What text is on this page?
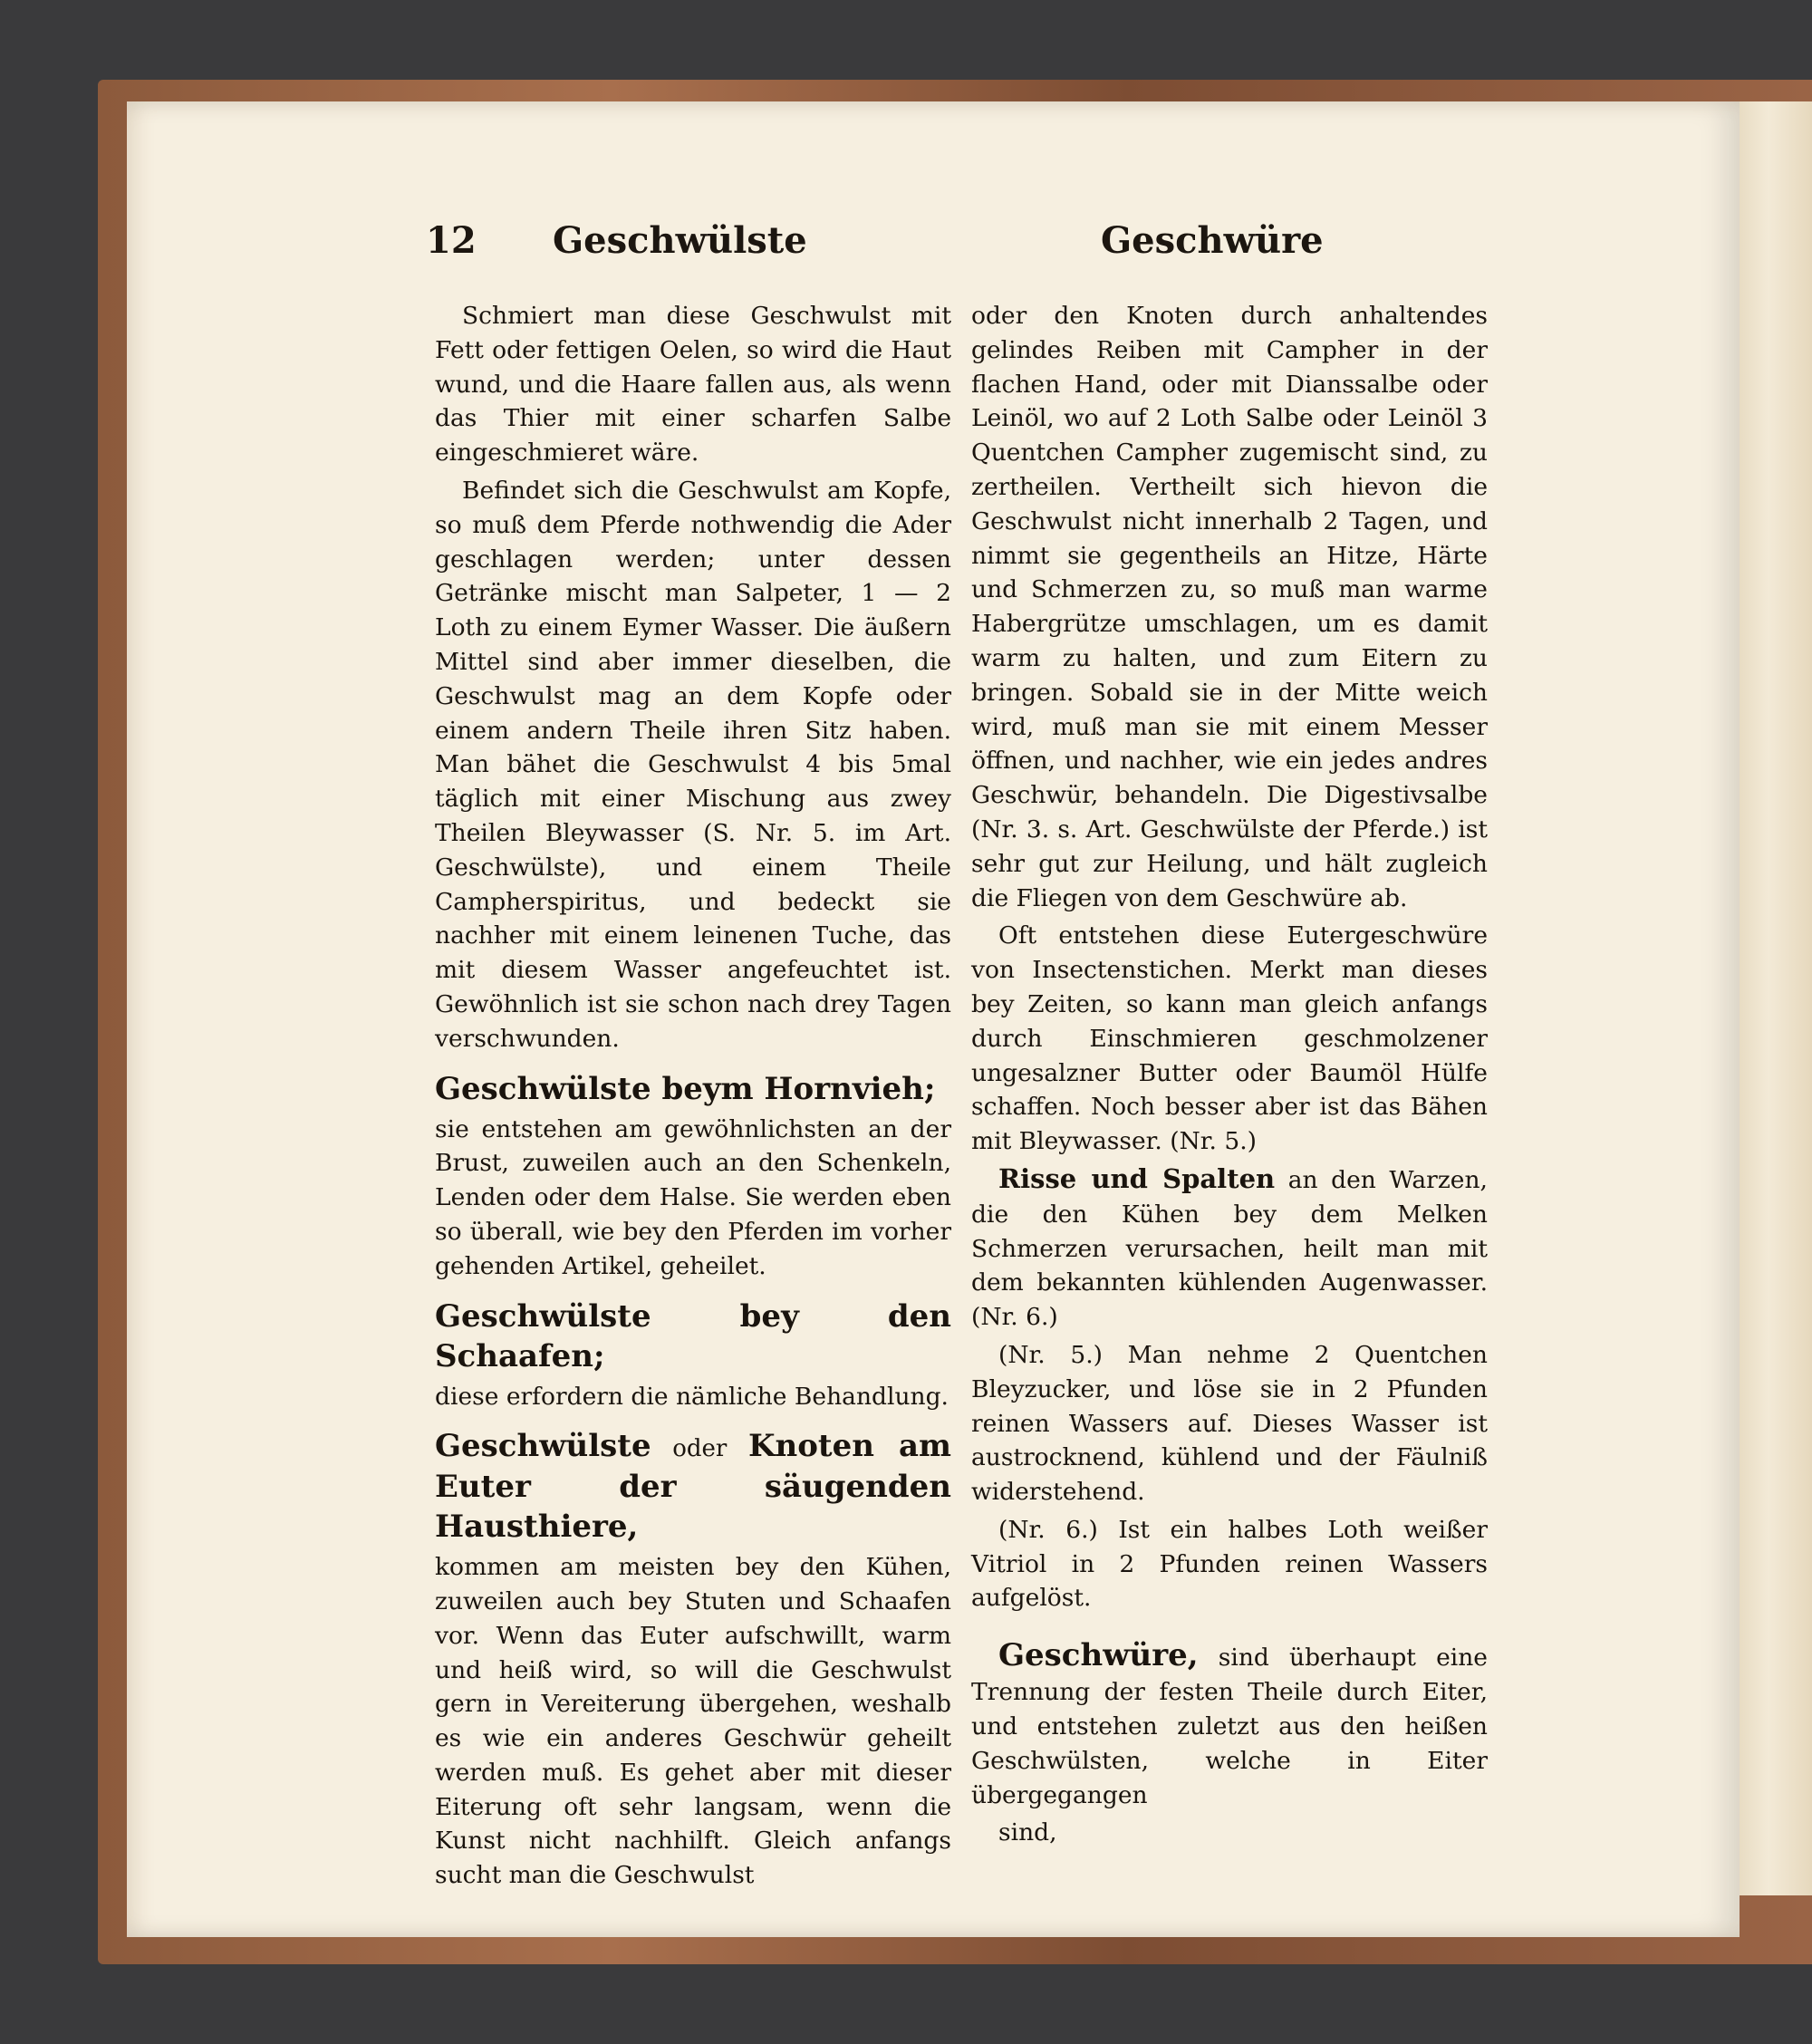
12 Geschwülste	Geschwüre

Schmiert man diese Geschwulst mit Fett oder fettigen Oelen, so wird die Haut wund, und die Haare fallen aus, als wenn das Thier mit einer scharfen Salbe eingeschmieret wäre.

Befindet sich die Geschwulst am Kopfe, so muß dem Pferde nothwendig die Ader geschlagen werden; unter dessen Getränke mischt man Salpeter, 1 — 2 Loth zu einem Eymer Wasser. Die äußern Mittel sind aber immer dieselben, die Geschwulst mag an dem Kopfe oder einem andern Theile ihren Sitz haben. Man bähet die Geschwulst 4 bis 5mal täglich mit einer Mischung aus zwey Theilen Bleywasser (S. Nr. 5. im Art. Geschwülste), und einem Theile Campherspiritus, und bedeckt sie nachher mit einem leinenen Tuche, das mit diesem Wasser angefeuchtet ist. Gewöhnlich ist sie schon nach drey Tagen verschwunden.

Geschwülste beym Hornvieh;

sie entstehen am gewöhnlichsten an der Brust, zuweilen auch an den Schenkeln, Lenden oder dem Halse. Sie werden eben so überall, wie bey den Pferden im vorher gehenden Artikel, geheilet.

Geschwülste bey den Schaafen;

diese erfordern die nämliche Behandlung.

Geschwülste oder Knoten am Euter der säugenden Hausthiere,

kommen am meisten bey den Kühen, zuweilen auch bey Stuten und Schaafen vor. Wenn das Euter aufschwillt, warm und heiß wird, so will die Geschwulst gern in Vereiterung übergehen, weshalb es wie ein anderes Geschwür geheilt werden muß. Es gehet aber mit dieser Eiterung oft sehr langsam, wenn die Kunst nicht nachhilft. Gleich anfangs sucht man die Geschwulst

oder den Knoten durch anhaltendes gelindes Reiben mit Campher in der flachen Hand, oder mit Dianssalbe oder Leinöl, wo auf 2 Loth Salbe oder Leinöl 3 Quentchen Campher zugemischt sind, zu zertheilen. Vertheilt sich hievon die Geschwulst nicht innerhalb 2 Tagen, und nimmt sie gegentheils an Hitze, Härte und Schmerzen zu, so muß man warme Habergrütze umschlagen, um es damit warm zu halten, und zum Eitern zu bringen. Sobald sie in der Mitte weich wird, muß man sie mit einem Messer öffnen, und nachher, wie ein jedes andres Geschwür, behandeln. Die Digestivsalbe (Nr. 3. s. Art. Geschwülste der Pferde.) ist sehr gut zur Heilung, und hält zugleich die Fliegen von dem Geschwüre ab.

Oft entstehen diese Eutergeschwüre von Insectenstichen. Merkt man dieses bey Zeiten, so kann man gleich anfangs durch Einschmieren geschmolzener ungesalzner Butter oder Baumöl Hülfe schaffen. Noch besser aber ist das Bähen mit Bleywasser. (Nr. 5.)

Risse und Spalten an den Warzen, die den Kühen bey dem Melken Schmerzen verursachen, heilt man mit dem bekannten kühlenden Augenwasser. (Nr. 6.)

(Nr. 5.) Man nehme 2 Quentchen Bleyzucker, und löse sie in 2 Pfunden reinen Wassers auf. Dieses Wasser ist austrocknend, kühlend und der Fäulniß widerstehend.

(Nr. 6.) Ist ein halbes Loth weißer Vitriol in 2 Pfunden reinen Wassers aufgelöst.

Geschwüre, sind überhaupt eine Trennung der festen Theile durch Eiter, und entstehen zuletzt aus den heißen Geschwülsten, welche in Eiter übergegangen

sind,
